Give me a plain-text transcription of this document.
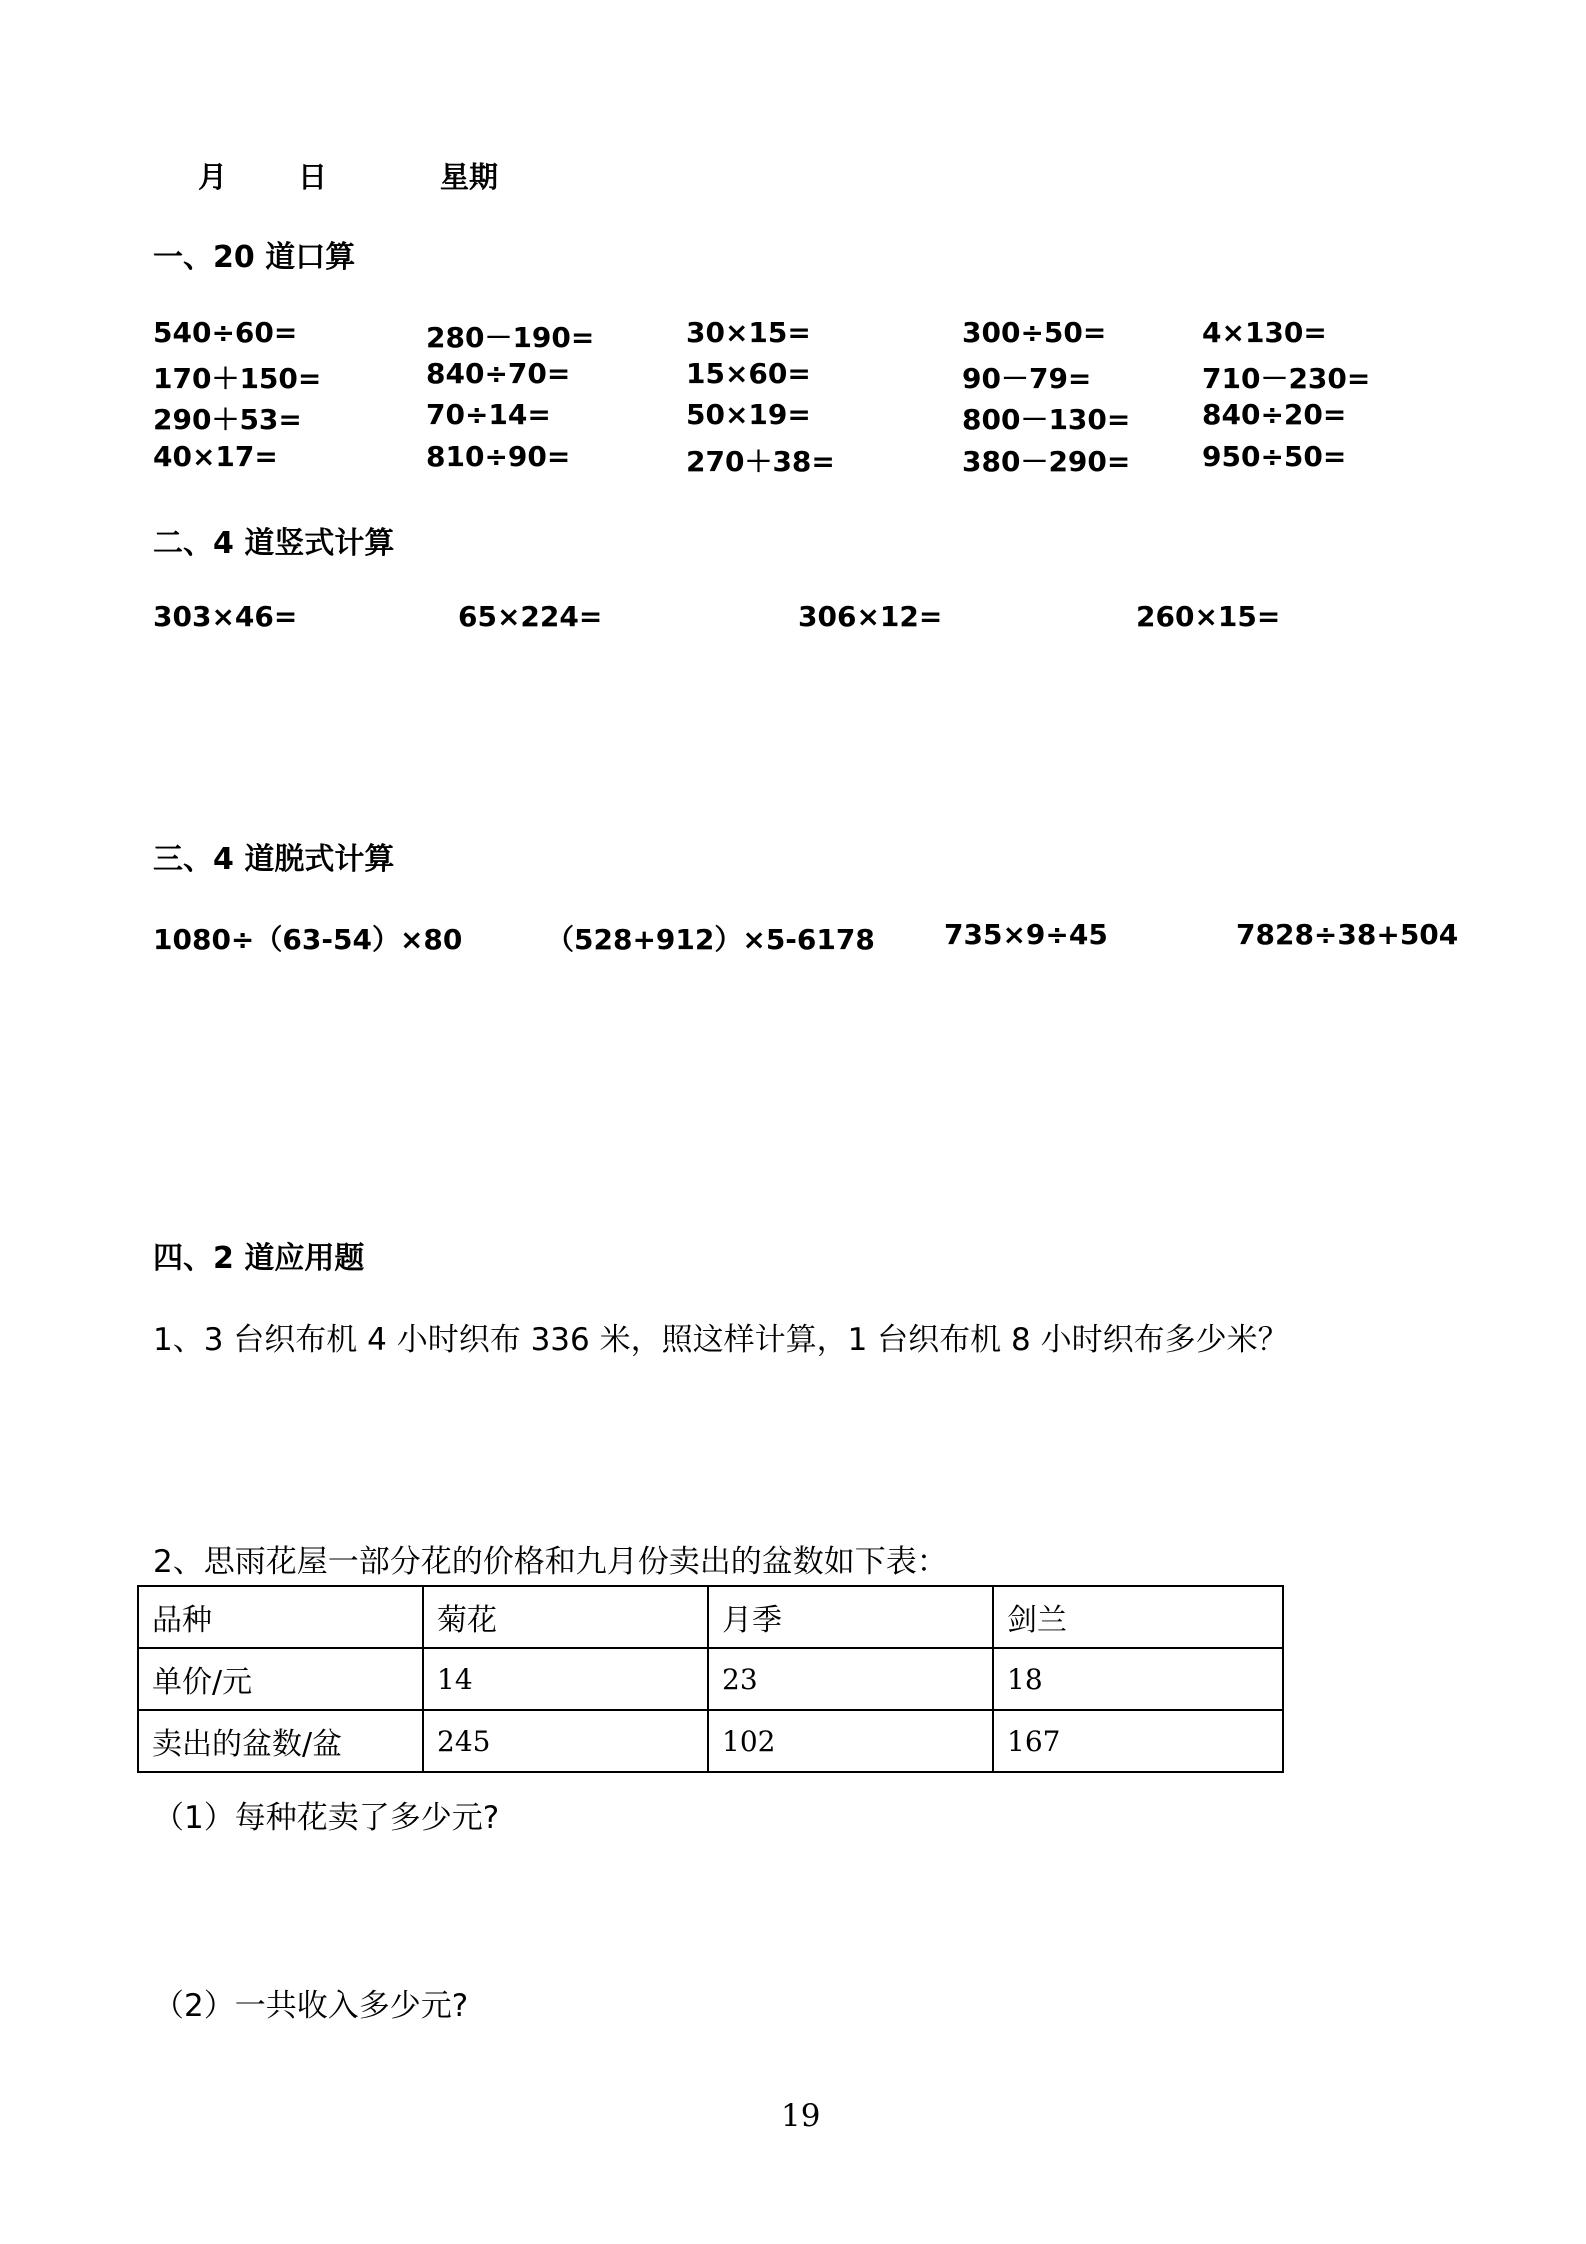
月 日	星期
一、20 道口算
540÷60=	280－190=	30×15=	300÷50=	4×130=
170＋150=	840÷70=	15×60=	90－79=	710－230=
290＋53=	70÷14=	50×19=	800－130=	840÷20=
40×17=	810÷90=	270＋38=	380－290=	950÷50=
二、4 道竖式计算
303×46=	65×224=	306×12=	260×15=
三、4 道脱式计算
1080÷（63-54）×80	（528+912）×5-6178 735×9÷45	7828÷38+504
四、2 道应用题
1、3 台织布机 4 小时织布 336 米，照这样计算，1 台织布机 8 小时织布多少米？
2、思雨花屋一部分花的价格和九月份卖出的盆数如下表：
品种	菊花	月季	剑兰
单价/元	14	23	18
卖出的盆数/盆	245	102	167
（1）每种花卖了多少元?
（2）一共收入多少元?
19
